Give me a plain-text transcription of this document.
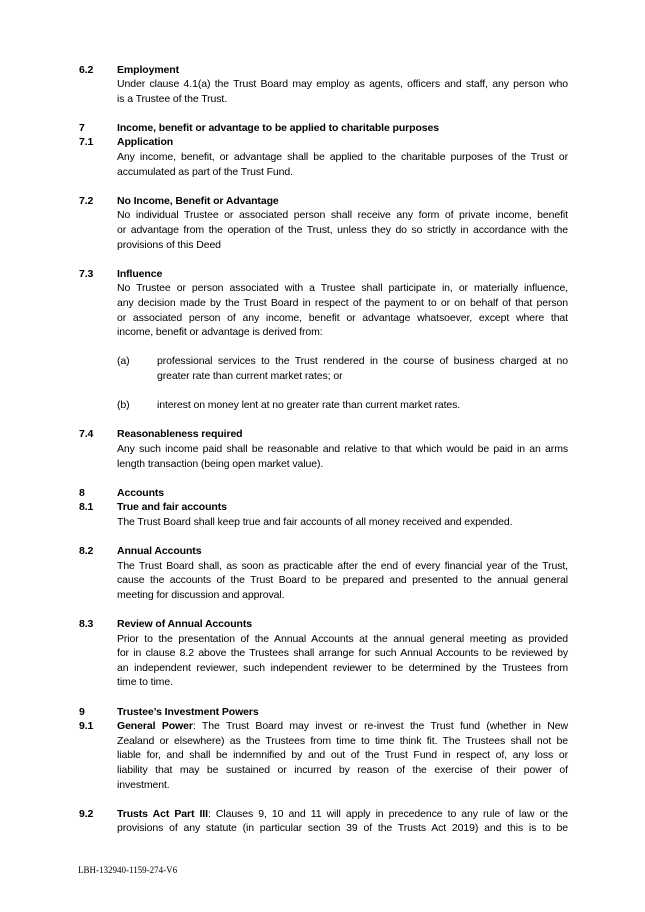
6.2 Employment
Under clause 4.1(a) the Trust Board may employ as agents, officers and staff, any person who
is a Trustee of the Trust.
7	Income, benefit or advantage to be applied to charitable purposes
7.1 Application
Any income, benefit, or advantage shall be applied to the charitable purposes of the Trust or
accumulated as part of the Trust Fund.
7.2 No Income, Benefit or Advantage
No individual Trustee or associated person shall receive any form of private income, benefit
or advantage from the operation of the Trust, unless they do so strictly in accordance with the
provisions of this Deed
7.3 Influence
No Trustee or person associated with a Trustee shall participate in, or materially influence,
any decision made by the Trust Board in respect of the payment to or on behalf of that person
or associated person of any income, benefit or advantage whatsoever, except where that
income, benefit or advantage is derived from:
(a)	professional services to the Trust rendered in the course of business charged at no
greater rate than current market rates; or
(b)	interest on money lent at no greater rate than current market rates.
7.4 Reasonableness required
Any such income paid shall be reasonable and relative to that which would be paid in an arms
length transaction (being open market value).
8	Accounts
8.1 True and fair accounts
The Trust Board shall keep true and fair accounts of all money received and expended.
8.2 Annual Accounts
The Trust Board shall, as soon as practicable after the end of every financial year of the Trust,
cause the accounts of the Trust Board to be prepared and presented to the annual general
meeting for discussion and approval.
8.3 Review of Annual Accounts
Prior to the presentation of the Annual Accounts at the annual general meeting as provided
for in clause 8.2 above the Trustees shall arrange for such Annual Accounts to be reviewed by
an independent reviewer, such independent reviewer to be determined by the Trustees from
time to time.
9	Trustee’s Investment Powers
9.1 General Power: The Trust Board may invest or re-invest the Trust fund (whether in New
Zealand or elsewhere) as the Trustees from time to time think fit. The Trustees shall not be
liable for, and shall be indemnified by and out of the Trust Fund in respect of, any loss or
liability that may be sustained or incurred by reason of the exercise of their power of
investment.
9.2 Trusts Act Part III: Clauses 9, 10 and 11 will apply in precedence to any rule of law or the
provisions of any statute (in particular section 39 of the Trusts Act 2019) and this is to be
LBH-132940-1159-274-V6
